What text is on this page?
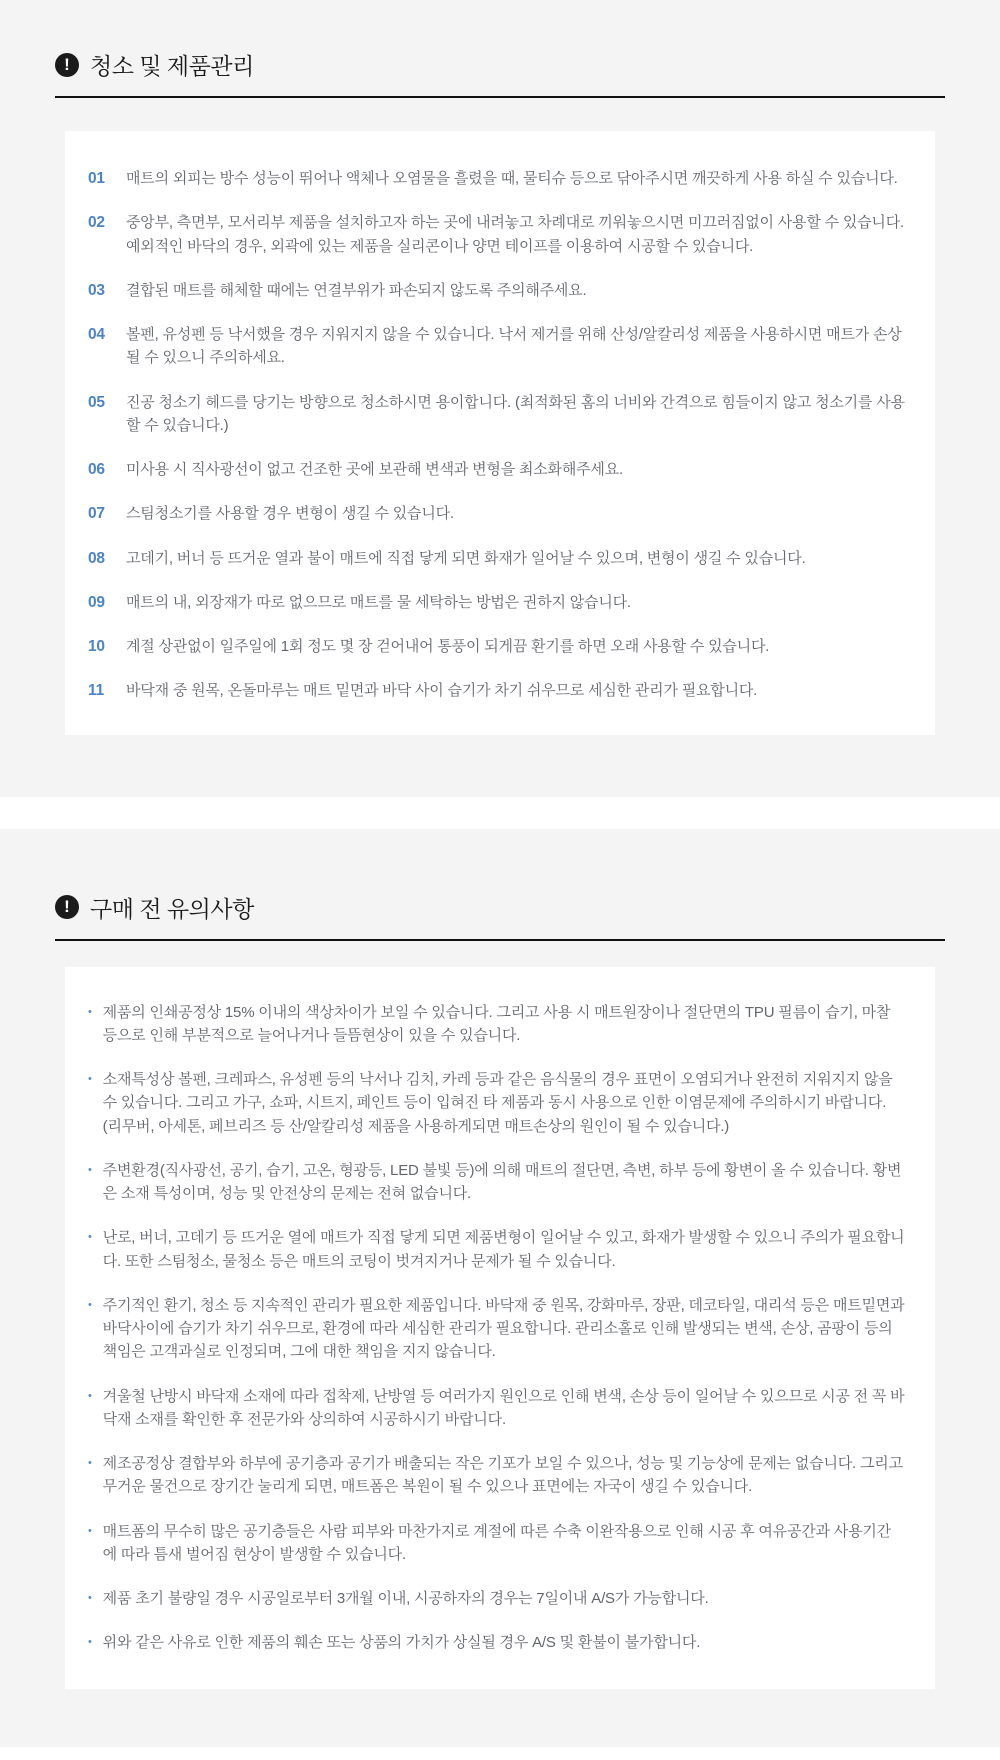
! 청소 및 제품관리
01	매트의 외피는 방수 성능이 뛰어나 액체나 오염물을 흘렸을 때, 물티슈 등으로 닦아주시면 깨끗하게 사용 하실 수 있습니다.
02	중앙부, 측면부, 모서리부 제품을 설치하고자 하는 곳에 내려놓고 차례대로 끼워놓으시면 미끄러짐없이 사용할 수 있습니다. 예외적인 바닥의 경우, 외곽에 있는 제품을 실리콘이나 양면 테이프를 이용하여 시공할 수 있습니다.
03	결합된 매트를 해체할 때에는 연결부위가 파손되지 않도록 주의해주세요.
04	볼펜, 유성펜 등 낙서했을 경우 지워지지 않을 수 있습니다. 낙서 제거를 위해 산성/알칼리성 제품을 사용하시면 매트가 손상될 수 있으니 주의하세요.
05	진공 청소기 헤드를 당기는 방향으로 청소하시면 용이합니다. (최적화된 홈의 너비와 간격으로 힘들이지 않고 청소기를 사용할 수 있습니다.)
06	미사용 시 직사광선이 없고 건조한 곳에 보관해 변색과 변형을 최소화해주세요.
07	스팀청소기를 사용할 경우 변형이 생길 수 있습니다.
08	고데기, 버너 등 뜨거운 열과 불이 매트에 직접 닿게 되면 화재가 일어날 수 있으며, 변형이 생길 수 있습니다.
09	매트의 내, 외장재가 따로 없으므로 매트를 물 세탁하는 방법은 권하지 않습니다.
10	계절 상관없이 일주일에 1회 정도 몇 장 걷어내어 통풍이 되게끔 환기를 하면 오래 사용할 수 있습니다.
11	바닥재 중 원목, 온돌마루는 매트 밑면과 바닥 사이 습기가 차기 쉬우므로 세심한 관리가 필요합니다.
! 구매 전 유의사항
• 제품의 인쇄공정상 15% 이내의 색상차이가 보일 수 있습니다. 그리고 사용 시 매트원장이나 절단면의 TPU 필름이 습기, 마찰 등으로 인해 부분적으로 늘어나거나 들뜸현상이 있을 수 있습니다.
• 소재특성상 볼펜, 크레파스, 유성펜 등의 낙서나 김치, 카레 등과 같은 음식물의 경우 표면이 오염되거나 완전히 지워지지 않을 수 있습니다. 그리고 가구, 쇼파, 시트지, 페인트 등이 입혀진 타 제품과 동시 사용으로 인한 이염문제에 주의하시기 바랍니다. (리무버, 아세톤, 페브리즈 등 산/알칼리성 제품을 사용하게되면 매트손상의 원인이 될 수 있습니다.)
• 주변환경(직사광선, 공기, 습기, 고온, 형광등, LED 불빛 등)에 의해 매트의 절단면, 측변, 하부 등에 황변이 올 수 있습니다. 황변은 소재 특성이며, 성능 및 안전상의 문제는 전혀 없습니다.
• 난로, 버너, 고데기 등 뜨거운 열에 매트가 직접 닿게 되면 제품변형이 일어날 수 있고, 화재가 발생할 수 있으니 주의가 필요합니다. 또한 스팀청소, 물청소 등은 매트의 코팅이 벗겨지거나 문제가 될 수 있습니다.
• 주기적인 환기, 청소 등 지속적인 관리가 필요한 제품입니다. 바닥재 중 원목, 강화마루, 장판, 데코타일, 대리석 등은 매트밑면과 바닥사이에 습기가 차기 쉬우므로, 환경에 따라 세심한 관리가 필요합니다. 관리소홀로 인해 발생되는 변색, 손상, 곰팡이 등의 책임은 고객과실로 인정되며, 그에 대한 책임을 지지 않습니다.
• 겨울철 난방시 바닥재 소재에 따라 접착제, 난방열 등 여러가지 원인으로 인해 변색, 손상 등이 일어날 수 있으므로 시공 전 꼭 바닥재 소재를 확인한 후 전문가와 상의하여 시공하시기 바랍니다.
• 제조공정상 결합부와 하부에 공기층과 공기가 배출되는 작은 기포가 보일 수 있으나, 성능 및 기능상에 문제는 없습니다. 그리고 무거운 물건으로 장기간 눌리게 되면, 매트폼은 복원이 될 수 있으나 표면에는 자국이 생길 수 있습니다.
• 매트폼의 무수히 많은 공기층들은 사람 피부와 마찬가지로 계절에 따른 수축 이완작용으로 인해 시공 후 여유공간과 사용기간에 따라 틈새 벌어짐 현상이 발생할 수 있습니다.
• 제품 초기 불량일 경우 시공일로부터 3개월 이내, 시공하자의 경우는 7일이내 A/S가 가능합니다.
• 위와 같은 사유로 인한 제품의 훼손 또는 상품의 가치가 상실될 경우 A/S 및 환불이 불가합니다.
